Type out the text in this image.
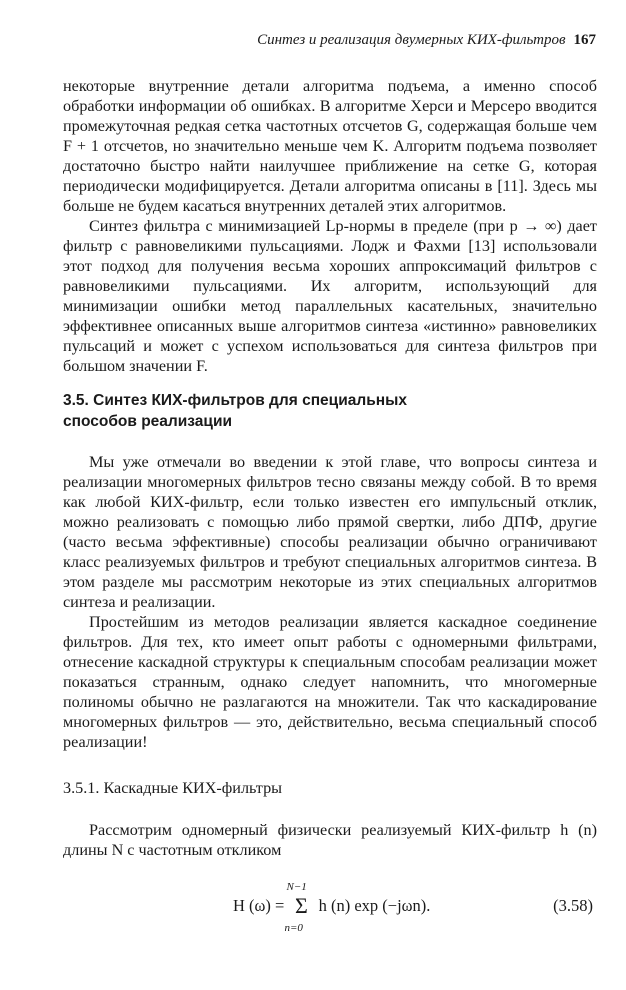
Синтез и реализация двумерных КИХ-фильтров 167

некоторые внутренние детали алгоритма подъема, а именно способ обработки информации об ошибках. В алгоритме Херси и Мерсеро вводится промежуточная редкая сетка частотных отсчетов G, содержащая больше чем F + 1 отсчетов, но значительно меньше чем K. Алгоритм подъема позволяет достаточно быстро найти наилучшее приближение на сетке G, которая периодически модифицируется. Детали алгоритма описаны в [11]. Здесь мы больше не будем касаться внутренних деталей этих алгоритмов.

Синтез фильтра с минимизацией Lp-нормы в пределе (при p → ∞) дает фильтр с равновеликими пульсациями. Лодж и Фахми [13] использовали этот подход для получения весьма хороших аппроксимаций фильтров с равновеликими пульсациями. Их алгоритм, использующий для минимизации ошибки метод параллельных касательных, значительно эффективнее описанных выше алгоритмов синтеза «истинно» равновеликих пульсаций и может с успехом использоваться для синтеза фильтров при большом значении F.

3.5. Синтез КИХ-фильтров для специальных
способов реализации

Мы уже отмечали во введении к этой главе, что вопросы синтеза и реализации многомерных фильтров тесно связаны между собой. В то время как любой КИХ-фильтр, если только известен его импульсный отклик, можно реализовать с помощью либо прямой свертки, либо ДПФ, другие (часто весьма эффективные) способы реализации обычно ограничивают класс реализуемых фильтров и требуют специальных алгоритмов синтеза. В этом разделе мы рассмотрим некоторые из этих специальных алгоритмов синтеза и реализации.

Простейшим из методов реализации является каскадное соединение фильтров. Для тех, кто имеет опыт работы с одномерными фильтрами, отнесение каскадной структуры к специальным способам реализации может показаться странным, однако следует напомнить, что многомерные полиномы обычно не разлагаются на множители. Так что каскадирование многомерных фильтров — это, действительно, весьма специальный способ реализации!

3.5.1. Каскадные КИХ-фильтры

Рассмотрим одномерный физически реализуемый КИХ-фильтр h (n) длины N с частотным откликом

H (ω) =
N−1
Σ
n=0
h (n) exp (−jωn).	(3.58)
